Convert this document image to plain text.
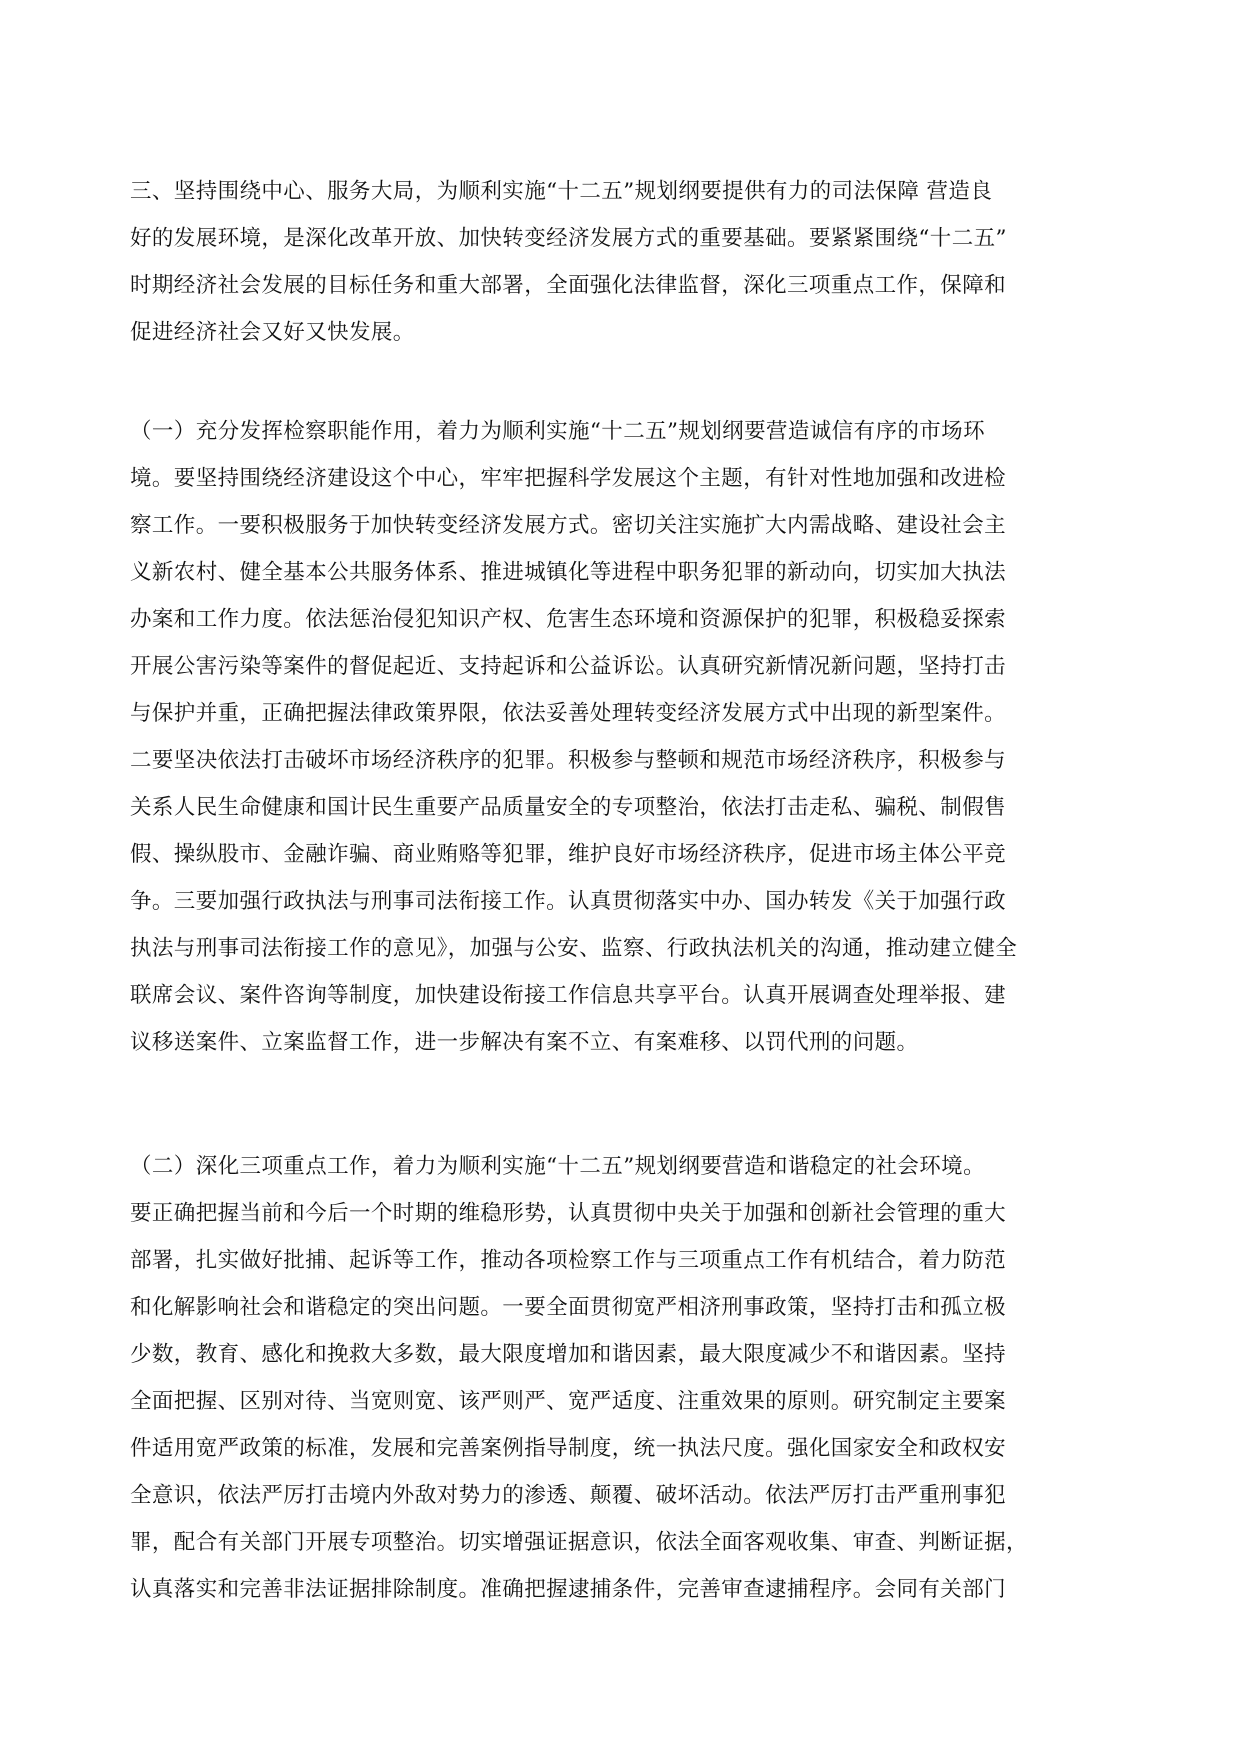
三、坚持围绕中心、服务大局，为顺利实施“十二五”规划纲要提供有力的司法保障 营造良
好的发展环境，是深化改革开放、加快转变经济发展方式的重要基础。要紧紧围绕“十二五”
时期经济社会发展的目标任务和重大部署，全面强化法律监督，深化三项重点工作，保障和
促进经济社会又好又快发展。
（一）充分发挥检察职能作用，着力为顺利实施“十二五”规划纲要营造诚信有序的市场环
境。要坚持围绕经济建设这个中心，牢牢把握科学发展这个主题，有针对性地加强和改进检
察工作。一要积极服务于加快转变经济发展方式。密切关注实施扩大内需战略、建设社会主
义新农村、健全基本公共服务体系、推进城镇化等进程中职务犯罪的新动向，切实加大执法
办案和工作力度。依法惩治侵犯知识产权、危害生态环境和资源保护的犯罪，积极稳妥探索
开展公害污染等案件的督促起近、支持起诉和公益诉讼。认真研究新情况新问题，坚持打击
与保护并重，正确把握法律政策界限，依法妥善处理转变经济发展方式中出现的新型案件。
二要坚决依法打击破坏市场经济秩序的犯罪。积极参与整顿和规范市场经济秩序，积极参与
关系人民生命健康和国计民生重要产品质量安全的专项整治，依法打击走私、骗税、制假售
假、操纵股市、金融诈骗、商业贿赂等犯罪，维护良好市场经济秩序，促进市场主体公平竞
争。三要加强行政执法与刑事司法衔接工作。认真贯彻落实中办、国办转发《关于加强行政
执法与刑事司法衔接工作的意见》，加强与公安、监察、行政执法机关的沟通，推动建立健全
联席会议、案件咨询等制度，加快建设衔接工作信息共享平台。认真开展调查处理举报、建
议移送案件、立案监督工作，进一步解决有案不立、有案难移、以罚代刑的问题。
（二）深化三项重点工作，着力为顺利实施“十二五”规划纲要营造和谐稳定的社会环境。
要正确把握当前和今后一个时期的维稳形势，认真贯彻中央关于加强和创新社会管理的重大
部署，扎实做好批捕、起诉等工作，推动各项检察工作与三项重点工作有机结合，着力防范
和化解影响社会和谐稳定的突出问题。一要全面贯彻宽严相济刑事政策，坚持打击和孤立极
少数，教育、感化和挽救大多数，最大限度增加和谐因素，最大限度减少不和谐因素。坚持
全面把握、区别对待、当宽则宽、该严则严、宽严适度、注重效果的原则。研究制定主要案
件适用宽严政策的标准，发展和完善案例指导制度，统一执法尺度。强化国家安全和政权安
全意识，依法严厉打击境内外敌对势力的渗透、颠覆、破坏活动。依法严厉打击严重刑事犯
罪，配合有关部门开展专项整治。切实增强证据意识，依法全面客观收集、审查、判断证据，
认真落实和完善非法证据排除制度。准确把握逮捕条件，完善审查逮捕程序。会同有关部门
